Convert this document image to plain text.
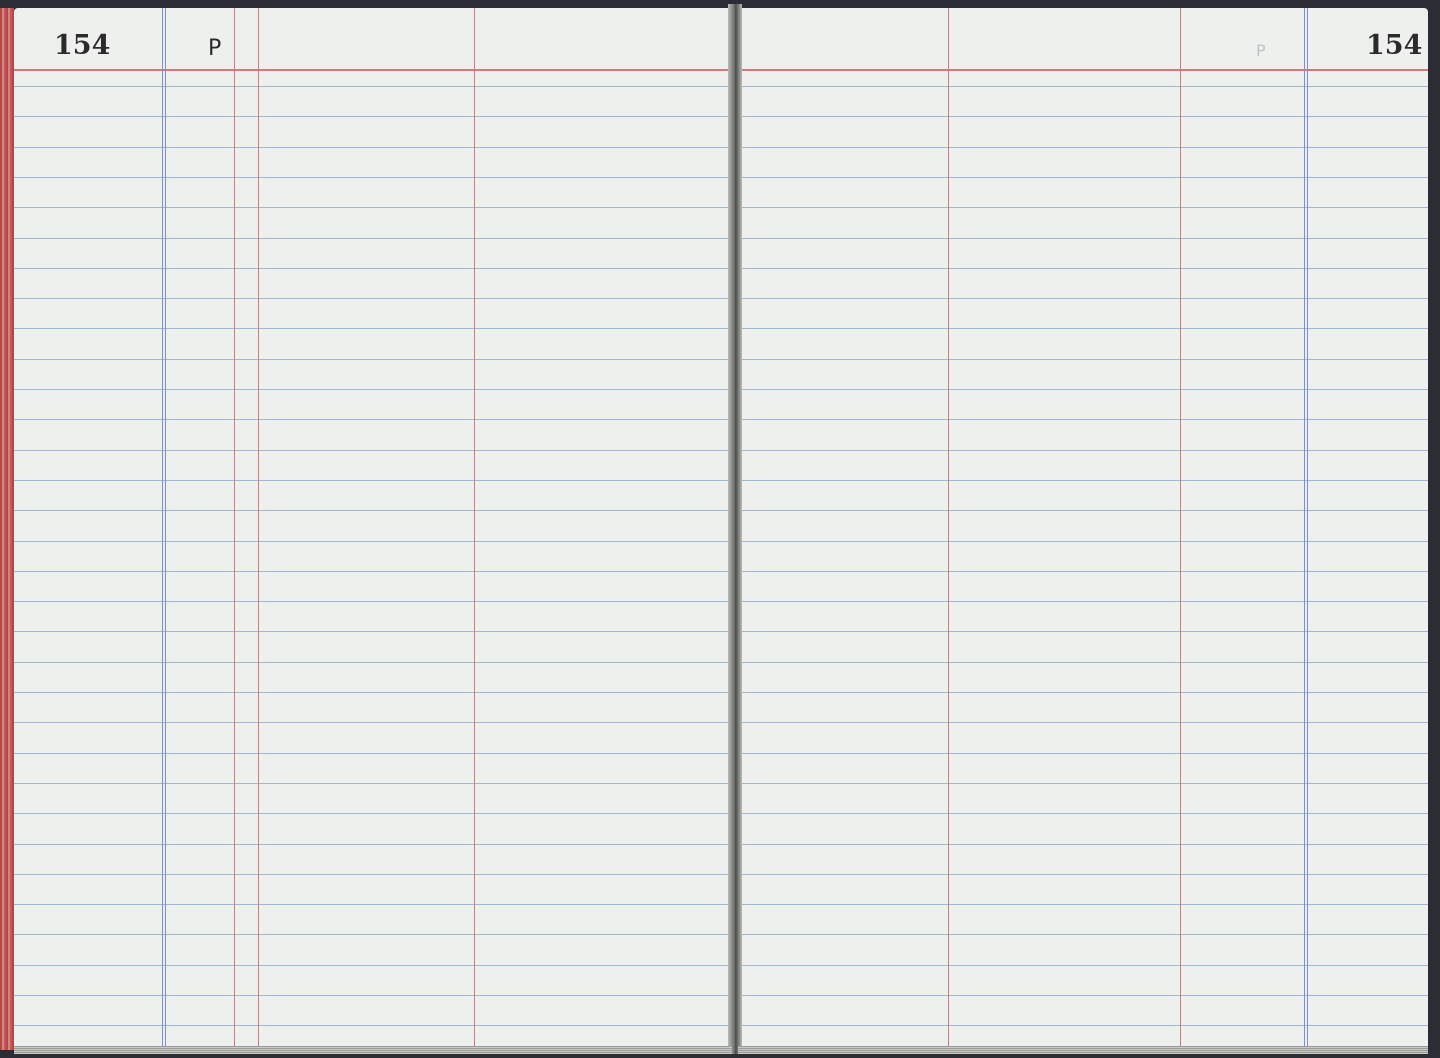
154	P	154
P
